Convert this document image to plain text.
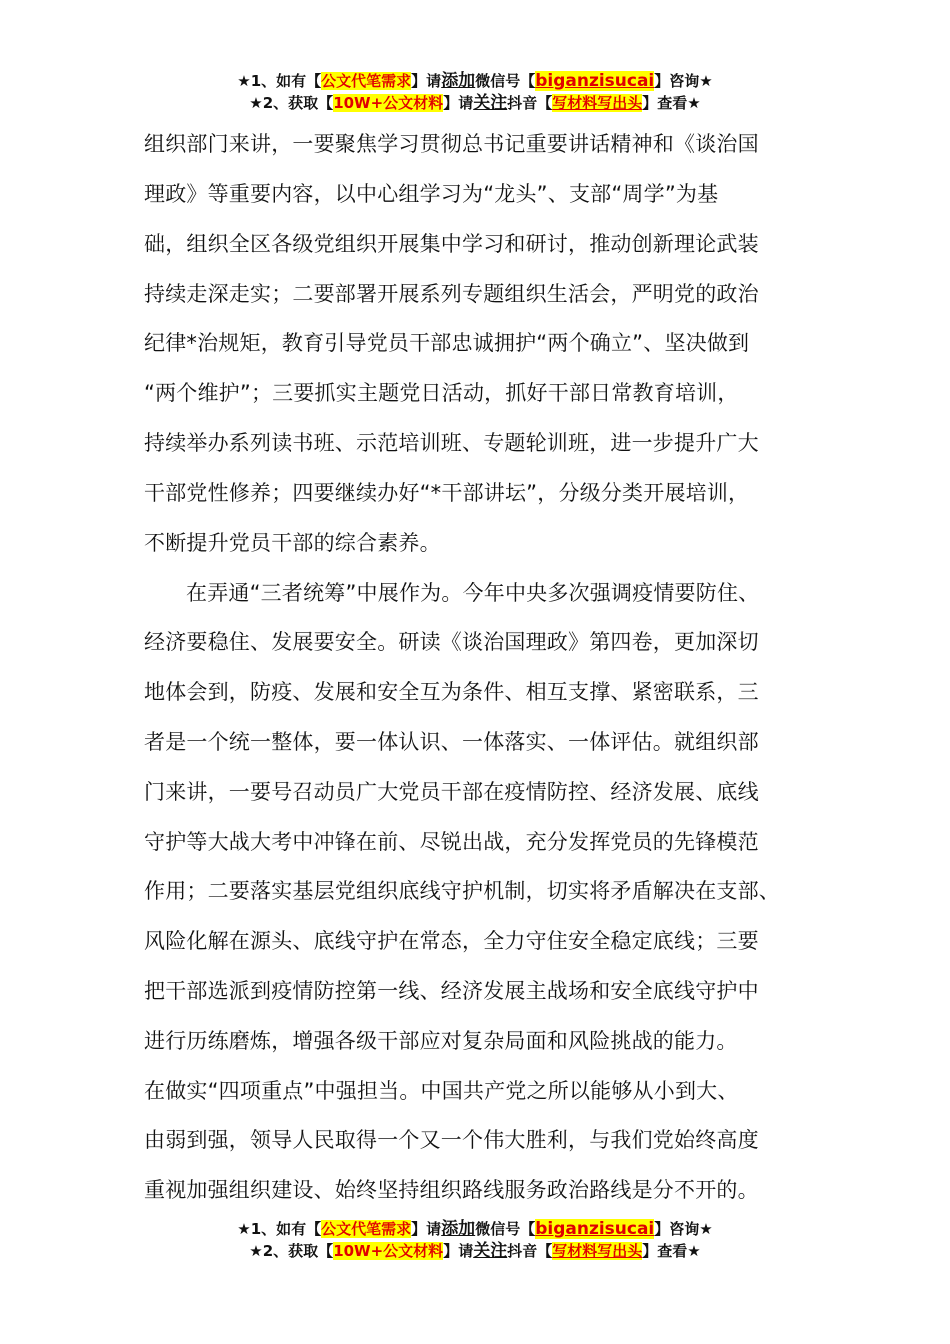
★1、如有【公文代笔需求】请添加微信号【biganzisucai】咨询★
★2、获取【10W+公文材料】请关注抖音【写材料写出头】查看★
组织部门来讲，一要聚焦学习贯彻总书记重要讲话精神和《谈治国
理政》等重要内容，以中心组学习为“龙头”、支部“周学”为基
础，组织全区各级党组织开展集中学习和研讨，推动创新理论武装
持续走深走实；二要部署开展系列专题组织生活会，严明党的政治
纪律*治规矩，教育引导党员干部忠诚拥护“两个确立”、坚决做到
“两个维护”；三要抓实主题党日活动，抓好干部日常教育培训，
持续举办系列读书班、示范培训班、专题轮训班，进一步提升广大
干部党性修养；四要继续办好“*干部讲坛”，分级分类开展培训，
不断提升党员干部的综合素养。
在弄通“三者统筹”中展作为。今年中央多次强调疫情要防住、
经济要稳住、发展要安全。研读《谈治国理政》第四卷，更加深切
地体会到，防疫、发展和安全互为条件、相互支撑、紧密联系，三
者是一个统一整体，要一体认识、一体落实、一体评估。就组织部
门来讲，一要号召动员广大党员干部在疫情防控、经济发展、底线
守护等大战大考中冲锋在前、尽锐出战，充分发挥党员的先锋模范
作用；二要落实基层党组织底线守护机制，切实将矛盾解决在支部、
风险化解在源头、底线守护在常态，全力守住安全稳定底线；三要
把干部选派到疫情防控第一线、经济发展主战场和安全底线守护中
进行历练磨炼，增强各级干部应对复杂局面和风险挑战的能力。
在做实“四项重点”中强担当。中国共产党之所以能够从小到大、
由弱到强，领导人民取得一个又一个伟大胜利，与我们党始终高度
重视加强组织建设、始终坚持组织路线服务政治路线是分不开的。
★1、如有【公文代笔需求】请添加微信号【biganzisucai】咨询★
★2、获取【10W+公文材料】请关注抖音【写材料写出头】查看★
